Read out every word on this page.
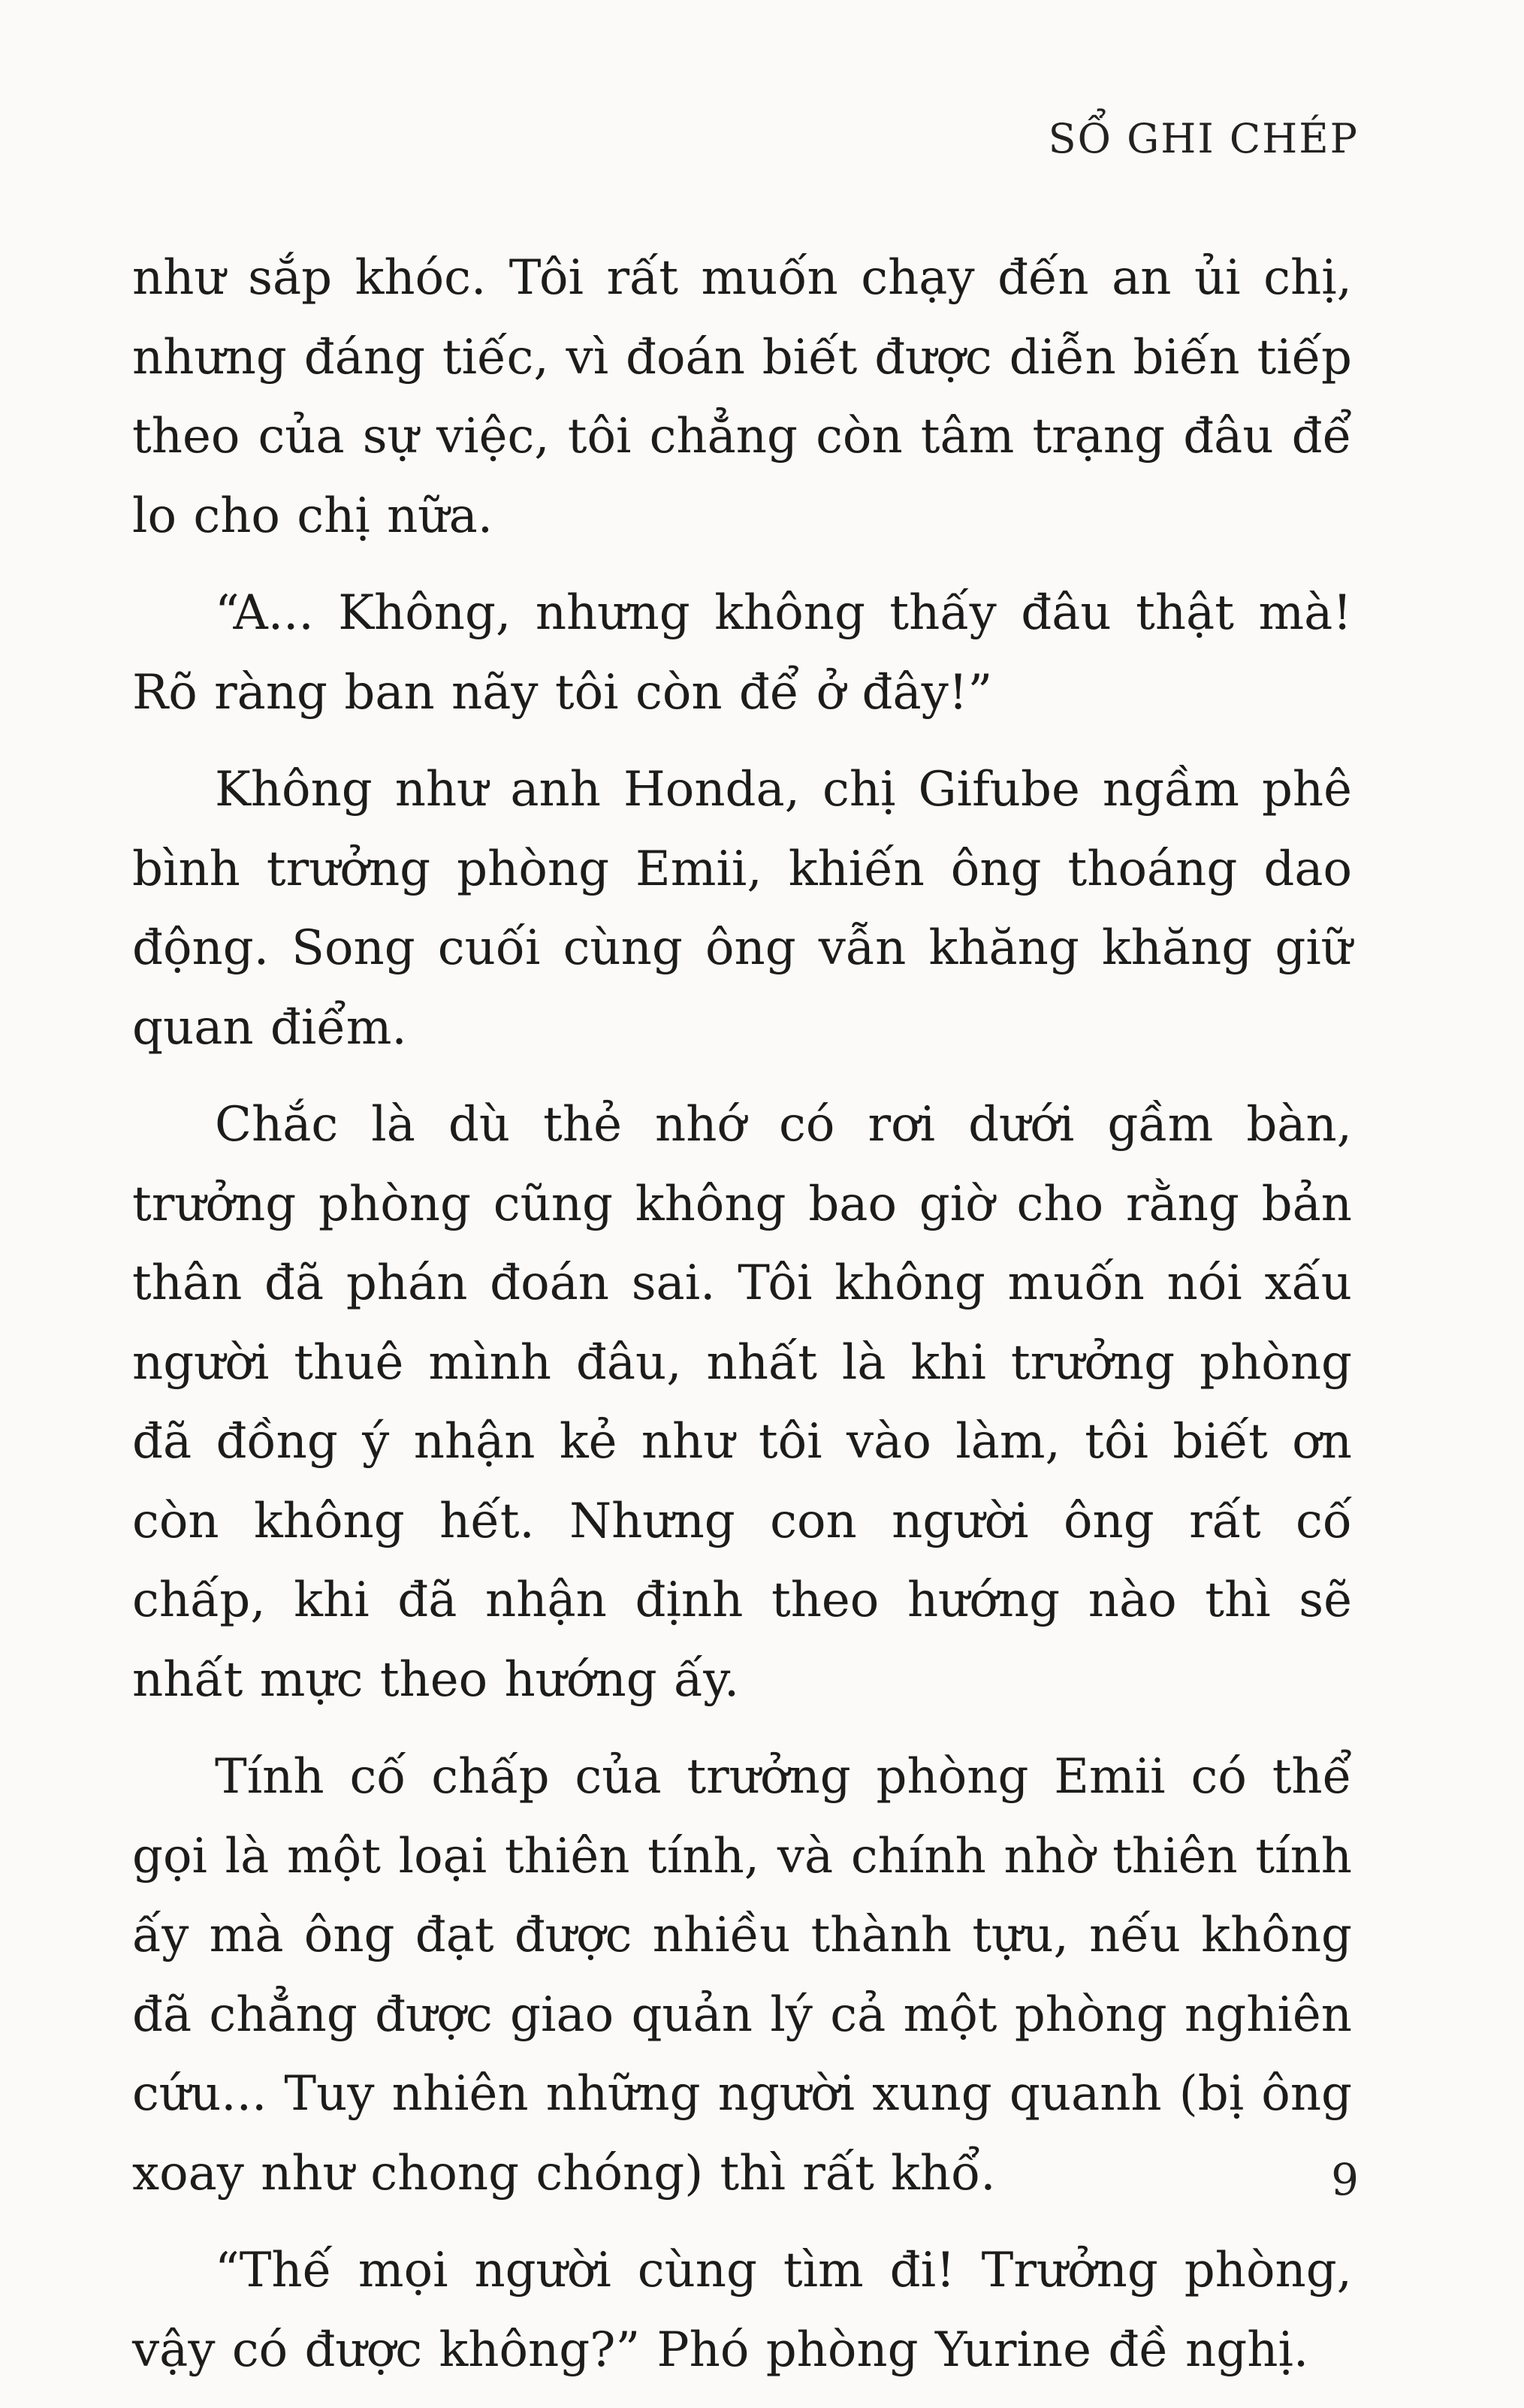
SỔ GHI CHÉP

như sắp khóc. Tôi rất muốn chạy đến an ủi chị, nhưng đáng tiếc, vì đoán biết được diễn biến tiếp theo của sự việc, tôi chẳng còn tâm trạng đâu để lo cho chị nữa.

“A... Không, nhưng không thấy đâu thật mà! Rõ ràng ban nãy tôi còn để ở đây!”

Không như anh Honda, chị Gifube ngầm phê bình trưởng phòng Emii, khiến ông thoáng dao động. Song cuối cùng ông vẫn khăng khăng giữ quan điểm.

Chắc là dù thẻ nhớ có rơi dưới gầm bàn, trưởng phòng cũng không bao giờ cho rằng bản thân đã phán đoán sai. Tôi không muốn nói xấu người thuê mình đâu, nhất là khi trưởng phòng đã đồng ý nhận kẻ như tôi vào làm, tôi biết ơn còn không hết. Nhưng con người ông rất cố chấp, khi đã nhận định theo hướng nào thì sẽ nhất mực theo hướng ấy.

Tính cố chấp của trưởng phòng Emii có thể gọi là một loại thiên tính, và chính nhờ thiên tính ấy mà ông đạt được nhiều thành tựu, nếu không đã chẳng được giao quản lý cả một phòng nghiên cứu... Tuy nhiên những người xung quanh (bị ông xoay như chong chóng) thì rất khổ.

“Thế mọi người cùng tìm đi! Trưởng phòng, vậy có được không?” Phó phòng Yurine đề nghị.

9
